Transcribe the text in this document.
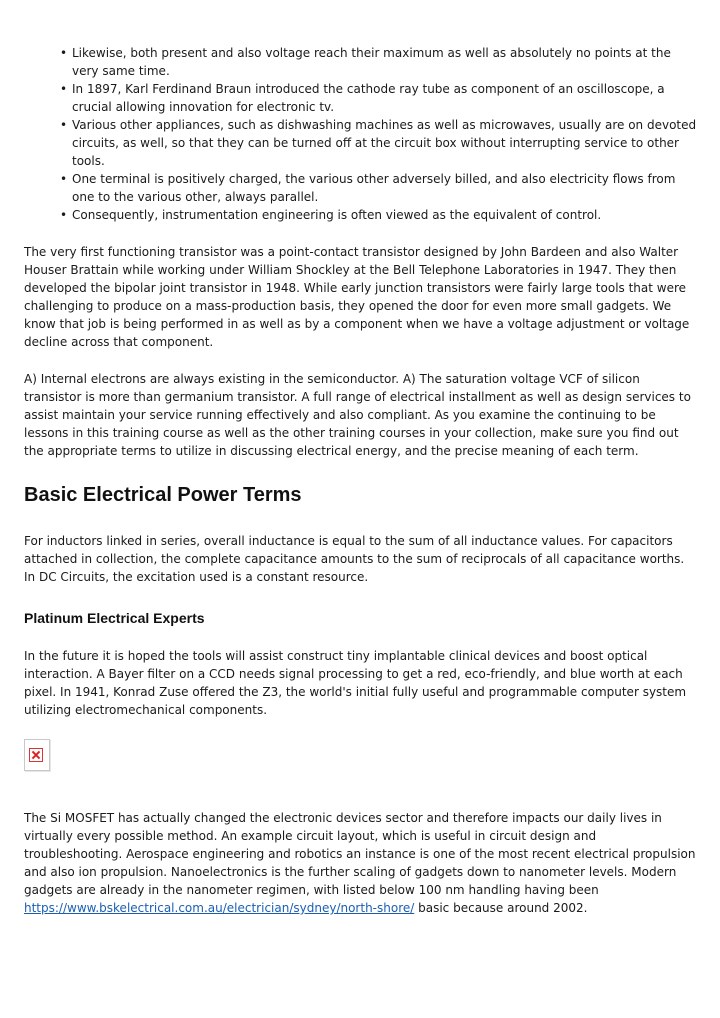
• Likewise, both present and also voltage reach their maximum as well as absolutely no points at the very same time.
• In 1897, Karl Ferdinand Braun introduced the cathode ray tube as component of an oscilloscope, a crucial allowing innovation for electronic tv.
• Various other appliances, such as dishwashing machines as well as microwaves, usually are on devoted circuits, as well, so that they can be turned off at the circuit box without interrupting service to other tools.
• One terminal is positively charged, the various other adversely billed, and also electricity flows from one to the various other, always parallel.
• Consequently, instrumentation engineering is often viewed as the equivalent of control.

The very first functioning transistor was a point-contact transistor designed by John Bardeen and also Walter Houser Brattain while working under William Shockley at the Bell Telephone Laboratories in 1947. They then developed the bipolar joint transistor in 1948. While early junction transistors were fairly large tools that were challenging to produce on a mass-production basis, they opened the door for even more small gadgets. We know that job is being performed in as well as by a component when we have a voltage adjustment or voltage decline across that component.

A) Internal electrons are always existing in the semiconductor. A) The saturation voltage VCF of silicon transistor is more than germanium transistor. A full range of electrical installment as well as design services to assist maintain your service running effectively and also compliant. As you examine the continuing to be lessons in this training course as well as the other training courses in your collection, make sure you find out the appropriate terms to utilize in discussing electrical energy, and the precise meaning of each term.

Basic Electrical Power Terms

For inductors linked in series, overall inductance is equal to the sum of all inductance values. For capacitors attached in collection, the complete capacitance amounts to the sum of reciprocals of all capacitance worths. In DC Circuits, the excitation used is a constant resource.

Platinum Electrical Experts

In the future it is hoped the tools will assist construct tiny implantable clinical devices and boost optical interaction. A Bayer filter on a CCD needs signal processing to get a red, eco-friendly, and blue worth at each pixel. In 1941, Konrad Zuse offered the Z3, the world's initial fully useful and programmable computer system utilizing electromechanical components.

The Si MOSFET has actually changed the electronic devices sector and therefore impacts our daily lives in virtually every possible method. An example circuit layout, which is useful in circuit design and troubleshooting. Aerospace engineering and robotics an instance is one of the most recent electrical propulsion and also ion propulsion. Nanoelectronics is the further scaling of gadgets down to nanometer levels. Modern gadgets are already in the nanometer regimen, with listed below 100 nm handling having been
https://www.bskelectrical.com.au/electrician/sydney/north-shore/ basic because around 2002.
